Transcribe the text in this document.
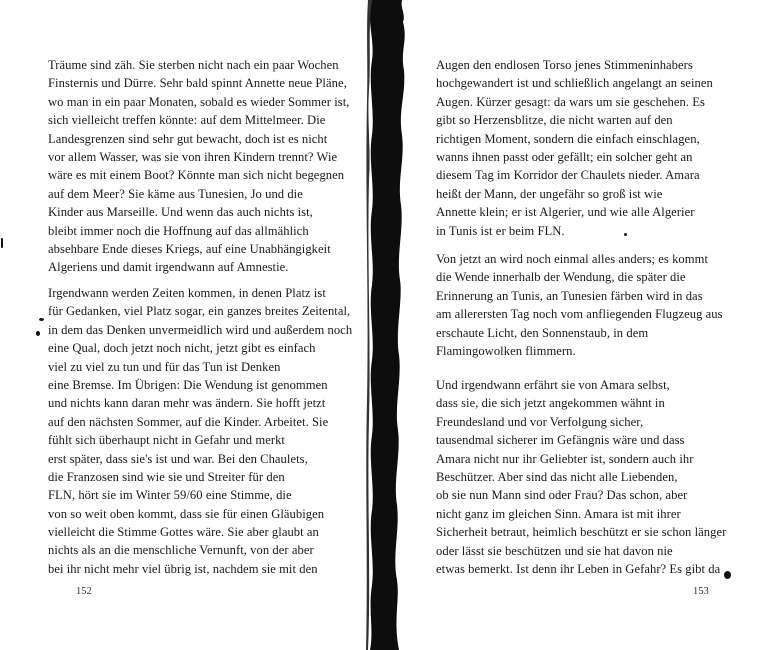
Träume sind zäh. Sie sterben nicht nach ein paar Wochen
Finsternis und Dürre. Sehr bald spinnt Annette neue Pläne,
wo man in ein paar Monaten, sobald es wieder Sommer ist,
sich vielleicht treffen könnte: auf dem Mittelmeer. Die
Landesgrenzen sind sehr gut bewacht, doch ist es nicht
vor allem Wasser, was sie von ihren Kindern trennt? Wie
wäre es mit einem Boot? Könnte man sich nicht begegnen
auf dem Meer? Sie käme aus Tunesien, Jo und die
Kinder aus Marseille. Und wenn das auch nichts ist,
bleibt immer noch die Hoffnung auf das allmählich
absehbare Ende dieses Kriegs, auf eine Unabhängigkeit
Algeriens und damit irgendwann auf Amnestie.
Irgendwann werden Zeiten kommen, in denen Platz ist
für Gedanken, viel Platz sogar, ein ganzes breites Zeitental,
in dem das Denken unvermeidlich wird und außerdem noch
eine Qual, doch jetzt noch nicht, jetzt gibt es einfach
viel zu viel zu tun und für das Tun ist Denken
eine Bremse. Im Übrigen: Die Wendung ist genommen
und nichts kann daran mehr was ändern. Sie hofft jetzt
auf den nächsten Sommer, auf die Kinder. Arbeitet. Sie
fühlt sich überhaupt nicht in Gefahr und merkt
erst später, dass sie's ist und war. Bei den Chaulets,
die Franzosen sind wie sie und Streiter für den
FLN, hört sie im Winter 59/60 eine Stimme, die
von so weit oben kommt, dass sie für einen Gläubigen
vielleicht die Stimme Gottes wäre. Sie aber glaubt an
nichts als an die menschliche Vernunft, von der aber
bei ihr nicht mehr viel übrig ist, nachdem sie mit den
152
Augen den endlosen Torso jenes Stimmeninhabers
hochgewandert ist und schließlich angelangt an seinen
Augen. Kürzer gesagt: da wars um sie geschehen. Es
gibt so Herzensblitze, die nicht warten auf den
richtigen Moment, sondern die einfach einschlagen,
wanns ihnen passt oder gefällt; ein solcher geht an
diesem Tag im Korridor der Chaulets nieder. Amara
heißt der Mann, der ungefähr so groß ist wie
Annette klein; er ist Algerier, und wie alle Algerier
in Tunis ist er beim FLN.
Von jetzt an wird noch einmal alles anders; es kommt
die Wende innerhalb der Wendung, die später die
Erinnerung an Tunis, an Tunesien färben wird in das
am allerersten Tag noch vom anfliegenden Flugzeug aus
erschaute Licht, den Sonnenstaub, in dem
Flamingowolken flimmern.
Und irgendwann erfährt sie von Amara selbst,
dass sie, die sich jetzt angekommen wähnt in
Freundesland und vor Verfolgung sicher,
tausendmal sicherer im Gefängnis wäre und dass
Amara nicht nur ihr Geliebter ist, sondern auch ihr
Beschützer. Aber sind das nicht alle Liebenden,
ob sie nun Mann sind oder Frau? Das schon, aber
nicht ganz im gleichen Sinn. Amara ist mit ihrer
Sicherheit betraut, heimlich beschützt er sie schon länger
oder lässt sie beschützen und sie hat davon nie
etwas bemerkt. Ist denn ihr Leben in Gefahr? Es gibt da
153
